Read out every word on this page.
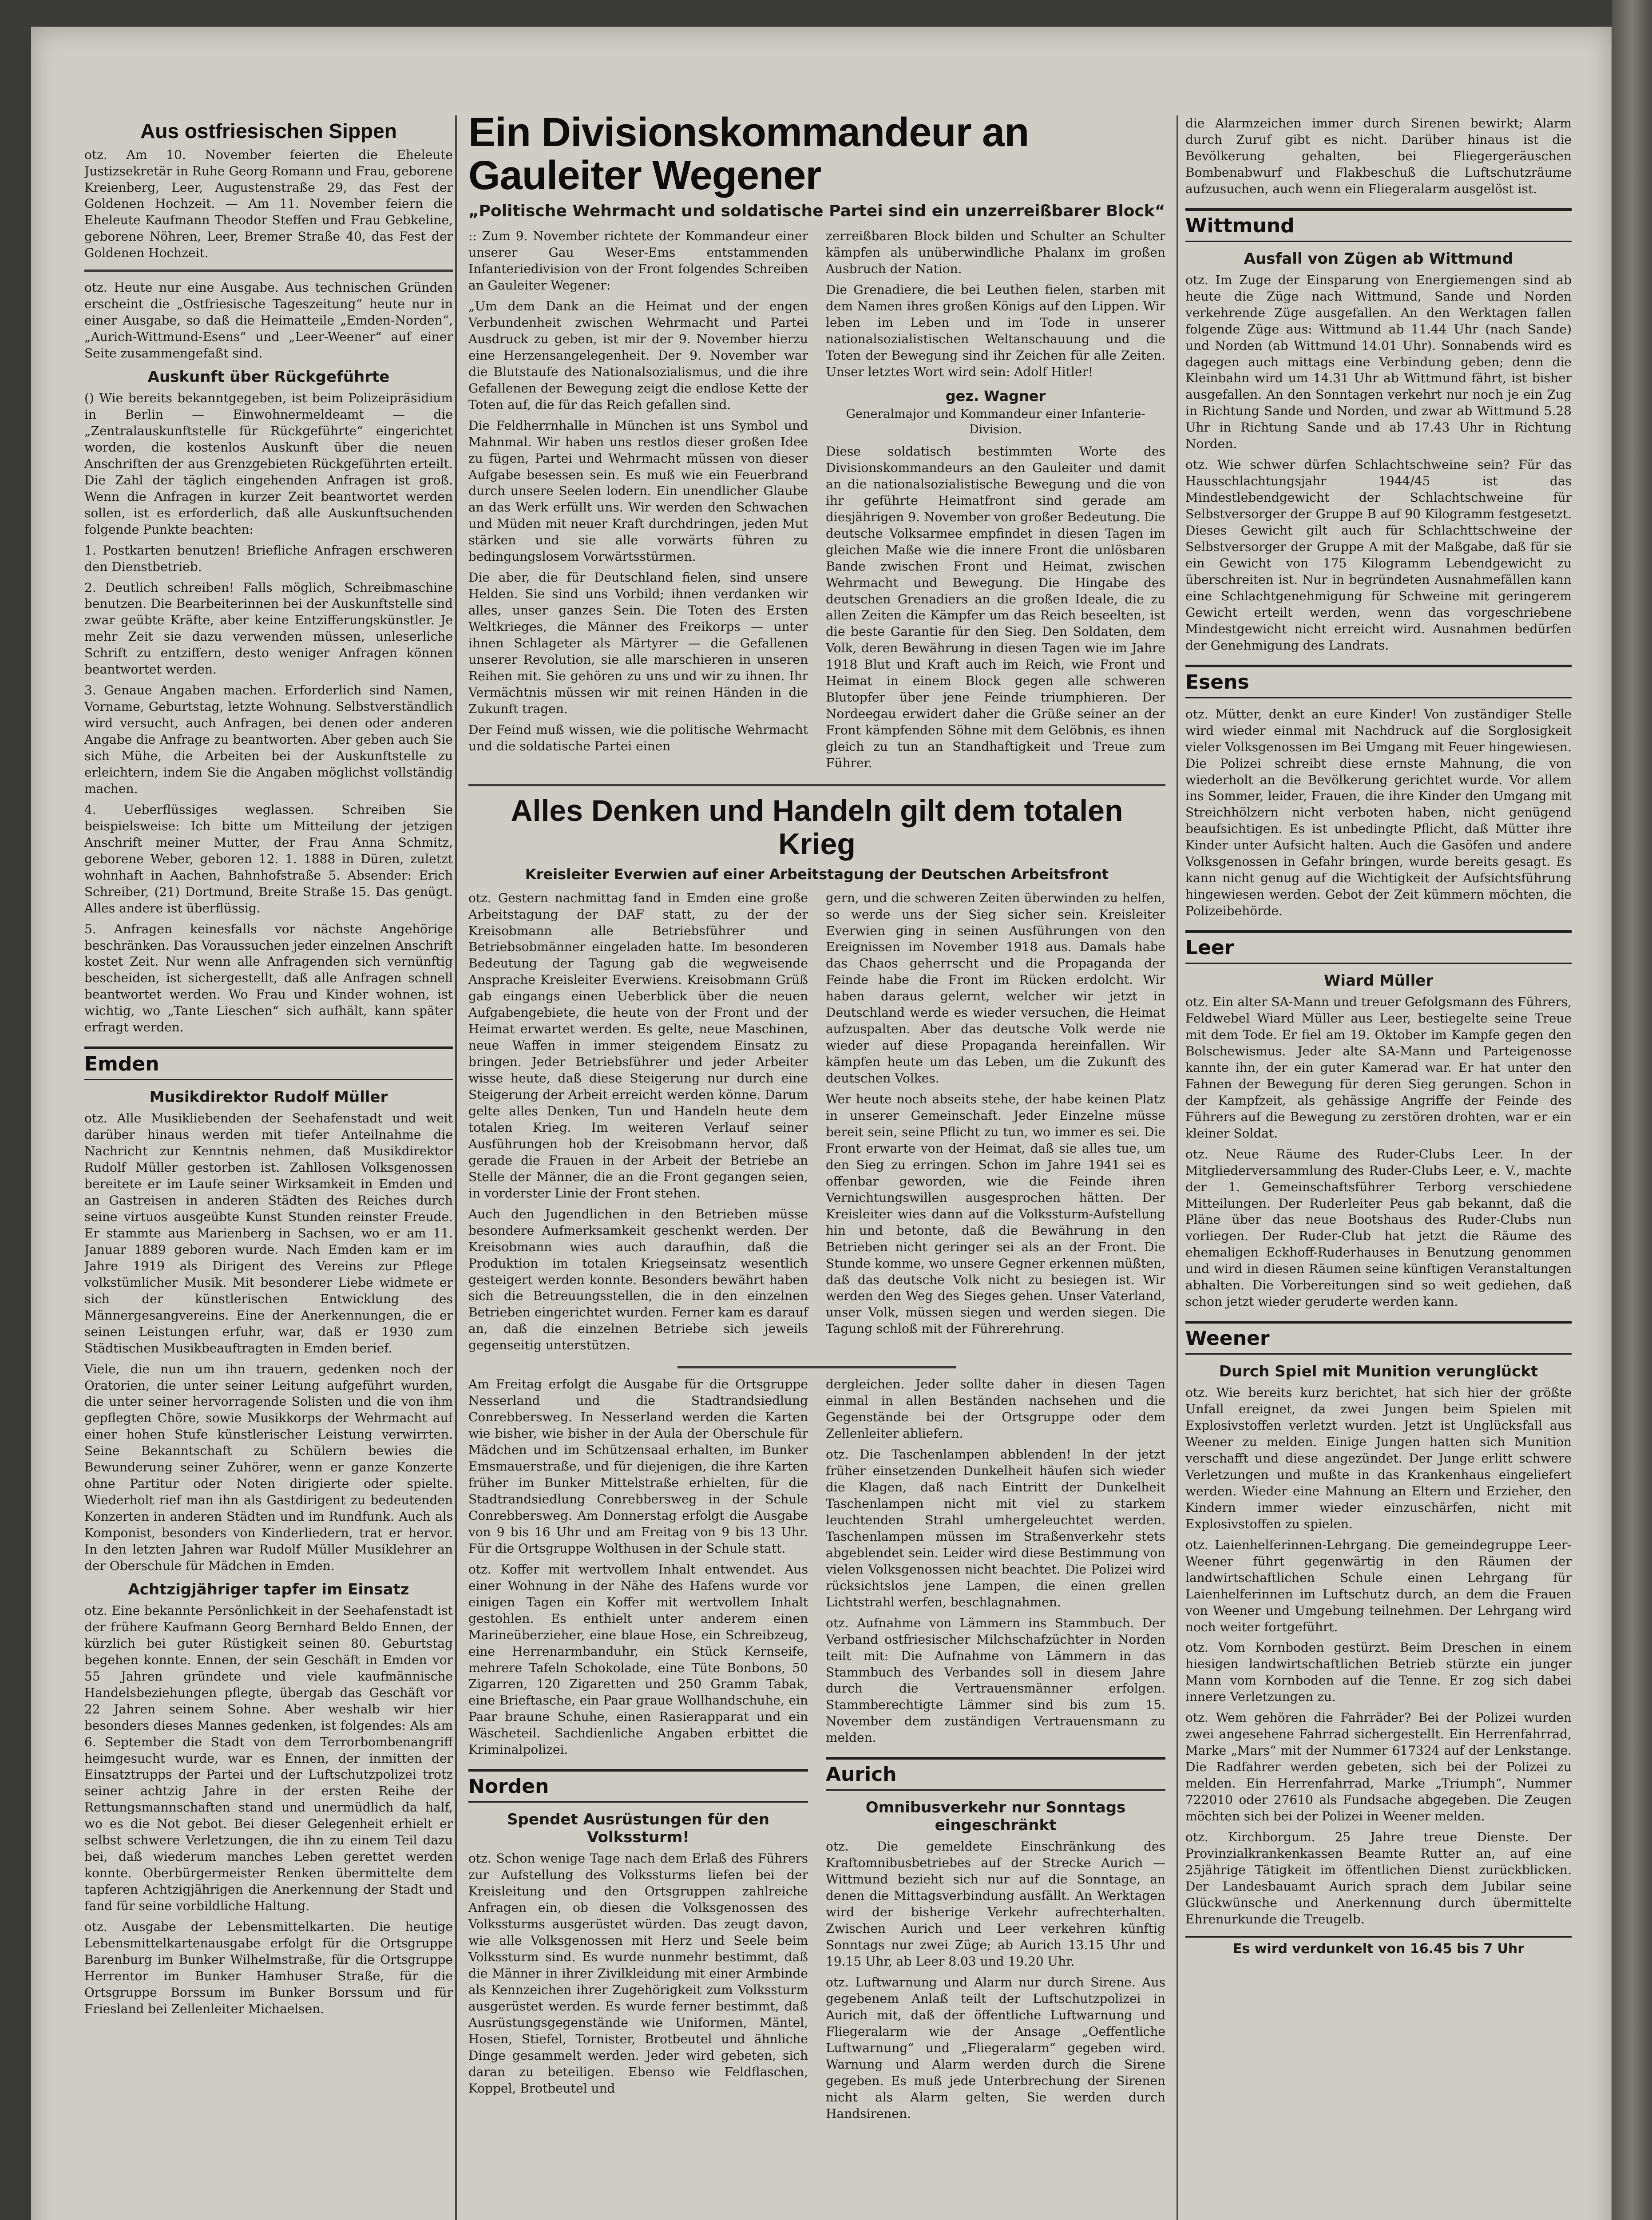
Aus ostfriesischen Sippen

otz. Am 10. November feierten die Eheleute Justizsekretär in Ruhe Georg Romann und Frau, geborene Kreienberg, Leer, Augustenstraße 29, das Fest der Goldenen Hochzeit. — Am 11. November feiern die Eheleute Kaufmann Theodor Steffen und Frau Gebkeline, geborene Nöhren, Leer, Bremer Straße 40, das Fest der Goldenen Hochzeit.

otz. Heute nur eine Ausgabe. Aus technischen Gründen erscheint die „Ostfriesische Tageszeitung“ heute nur in einer Ausgabe, so daß die Heimatteile „Emden-Norden“, „Aurich-Wittmund-Esens“ und „Leer-Weener“ auf einer Seite zusammengefaßt sind.

Auskunft über Rückgeführte

() Wie bereits bekanntgegeben, ist beim Polizeipräsidium in Berlin — Einwohnermeldeamt — die „Zentralauskunftstelle für Rückgeführte“ eingerichtet worden, die kostenlos Auskunft über die neuen Anschriften der aus Grenzgebieten Rückgeführten erteilt. Die Zahl der täglich eingehenden Anfragen ist groß. Wenn die Anfragen in kurzer Zeit beantwortet werden sollen, ist es erforderlich, daß alle Auskunftsuchenden folgende Punkte beachten:

1. Postkarten benutzen! Briefliche Anfragen erschweren den Dienstbetrieb.

2. Deutlich schreiben! Falls möglich, Schreibmaschine benutzen. Die Bearbeiterinnen bei der Auskunftstelle sind zwar geübte Kräfte, aber keine Entzifferungskünstler. Je mehr Zeit sie dazu verwenden müssen, unleserliche Schrift zu entziffern, desto weniger Anfragen können beantwortet werden.

3. Genaue Angaben machen. Erforderlich sind Namen, Vorname, Geburtstag, letzte Wohnung. Selbstverständlich wird versucht, auch Anfragen, bei denen oder anderen Angabe die Anfrage zu beantworten. Aber geben auch Sie sich Mühe, die Arbeiten bei der Auskunftstelle zu erleichtern, indem Sie die Angaben möglichst vollständig machen.

4. Ueberflüssiges weglassen. Schreiben Sie beispielsweise: Ich bitte um Mitteilung der jetzigen Anschrift meiner Mutter, der Frau Anna Schmitz, geborene Weber, geboren 12. 1. 1888 in Düren, zuletzt wohnhaft in Aachen, Bahnhofstraße 5. Absender: Erich Schreiber, (21) Dortmund, Breite Straße 15. Das genügt. Alles andere ist überflüssig.

5. Anfragen keinesfalls vor nächste Angehörige beschränken. Das Voraussuchen jeder einzelnen Anschrift kostet Zeit. Nur wenn alle Anfragenden sich vernünftig bescheiden, ist sichergestellt, daß alle Anfragen schnell beantwortet werden. Wo Frau und Kinder wohnen, ist wichtig, wo „Tante Lieschen“ sich aufhält, kann später erfragt werden.

Emden
Musikdirektor Rudolf Müller

otz. Alle Musikliebenden der Seehafenstadt und weit darüber hinaus werden mit tiefer Anteilnahme die Nachricht zur Kenntnis nehmen, daß Musikdirektor Rudolf Müller gestorben ist. Zahllosen Volksgenossen bereitete er im Laufe seiner Wirksamkeit in Emden und an Gastreisen in anderen Städten des Reiches durch seine virtuos ausgeübte Kunst Stunden reinster Freude. Er stammte aus Marienberg in Sachsen, wo er am 11. Januar 1889 geboren wurde. Nach Emden kam er im Jahre 1919 als Dirigent des Vereins zur Pflege volkstümlicher Musik. Mit besonderer Liebe widmete er sich der künstlerischen Entwicklung des Männergesangvereins. Eine der Anerkennungen, die er seinen Leistungen erfuhr, war, daß er 1930 zum Städtischen Musikbeauftragten in Emden berief.

Viele, die nun um ihn trauern, gedenken noch der Oratorien, die unter seiner Leitung aufgeführt wurden, die unter seiner hervorragende Solisten und die von ihm gepflegten Chöre, sowie Musikkorps der Wehrmacht auf einer hohen Stufe künstlerischer Leistung verwirrten. Seine Bekanntschaft zu Schülern bewies die Bewunderung seiner Zuhörer, wenn er ganze Konzerte ohne Partitur oder Noten dirigierte oder spielte. Wiederholt rief man ihn als Gastdirigent zu bedeutenden Konzerten in anderen Städten und im Rundfunk. Auch als Komponist, besonders von Kinderliedern, trat er hervor. In den letzten Jahren war Rudolf Müller Musiklehrer an der Oberschule für Mädchen in Emden.

Achtzigjähriger tapfer im Einsatz

otz. Eine bekannte Persönlichkeit in der Seehafenstadt ist der frühere Kaufmann Georg Bernhard Beldo Ennen, der kürzlich bei guter Rüstigkeit seinen 80. Geburtstag begehen konnte. Ennen, der sein Geschäft in Emden vor 55 Jahren gründete und viele kaufmännische Handelsbeziehungen pflegte, übergab das Geschäft vor 22 Jahren seinem Sohne. Aber weshalb wir hier besonders dieses Mannes gedenken, ist folgendes: Als am 6. September die Stadt von dem Terrorbombenangriff heimgesucht wurde, war es Ennen, der inmitten der Einsatztrupps der Partei und der Luftschutzpolizei trotz seiner achtzig Jahre in der ersten Reihe der Rettungsmannschaften stand und unermüdlich da half, wo es die Not gebot. Bei dieser Gelegenheit erhielt er selbst schwere Verletzungen, die ihn zu einem Teil dazu bei, daß wiederum manches Leben gerettet werden konnte. Oberbürgermeister Renken übermittelte dem tapferen Achtzigjährigen die Anerkennung der Stadt und fand für seine vorbildliche Haltung.

otz. Ausgabe der Lebensmittelkarten. Die heutige Lebensmittelkartenausgabe erfolgt für die Ortsgruppe Barenburg im Bunker Wilhelmstraße, für die Ortsgruppe Herrentor im Bunker Hamhuser Straße, für die Ortsgruppe Borssum im Bunker Borssum und für Friesland bei Zellenleiter Michaelsen.

Ein Divisionskommandeur an Gauleiter Wegener
„Politische Wehrmacht und soldatische Partei sind ein unzerreißbarer Block“

:: Zum 9. November richtete der Kommandeur einer unserer Gau Weser-Ems entstammenden Infanteriedivision von der Front folgendes Schreiben an Gauleiter Wegener:

„Um dem Dank an die Heimat und der engen Verbundenheit zwischen Wehrmacht und Partei Ausdruck zu geben, ist mir der 9. November hierzu eine Herzensangelegenheit. Der 9. November war die Blutstaufe des Nationalsozialismus, und die ihre Gefallenen der Bewegung zeigt die endlose Kette der Toten auf, die für das Reich gefallen sind.

Die Feldherrnhalle in München ist uns Symbol und Mahnmal. Wir haben uns restlos dieser großen Idee zu fügen, Partei und Wehrmacht müssen von dieser Aufgabe besessen sein. Es muß wie ein Feuerbrand durch unsere Seelen lodern. Ein unendlicher Glaube an das Werk erfüllt uns. Wir werden den Schwachen und Müden mit neuer Kraft durchdringen, jeden Mut stärken und sie alle vorwärts führen zu bedingungslosem Vorwärtsstürmen.

Die aber, die für Deutschland fielen, sind unsere Helden. Sie sind uns Vorbild; ihnen verdanken wir alles, unser ganzes Sein. Die Toten des Ersten Weltkrieges, die Männer des Freikorps — unter ihnen Schlageter als Märtyrer — die Gefallenen unserer Revolution, sie alle marschieren in unseren Reihen mit. Sie gehören zu uns und wir zu ihnen. Ihr Vermächtnis müssen wir mit reinen Händen in die Zukunft tragen.

Der Feind muß wissen, wie die politische Wehrmacht und die soldatische Partei einen

zerreißbaren Block bilden und Schulter an Schulter kämpfen als unüberwindliche Phalanx im großen Ausbruch der Nation.

Die Grenadiere, die bei Leuthen fielen, starben mit dem Namen ihres großen Königs auf den Lippen. Wir leben im Leben und im Tode in unserer nationalsozialistischen Weltanschauung und die Toten der Bewegung sind ihr Zeichen für alle Zeiten. Unser letztes Wort wird sein: Adolf Hitler!

gez. Wagner
Generalmajor und Kommandeur einer Infanterie-Division.

Diese soldatisch bestimmten Worte des Divisionskommandeurs an den Gauleiter und damit an die nationalsozialistische Bewegung und die von ihr geführte Heimatfront sind gerade am diesjährigen 9. November von großer Bedeutung. Die deutsche Volksarmee empfindet in diesen Tagen im gleichen Maße wie die innere Front die unlösbaren Bande zwischen Front und Heimat, zwischen Wehrmacht und Bewegung. Die Hingabe des deutschen Grenadiers an die großen Ideale, die zu allen Zeiten die Kämpfer um das Reich beseelten, ist die beste Garantie für den Sieg. Den Soldaten, dem Volk, deren Bewährung in diesen Tagen wie im Jahre 1918 Blut und Kraft auch im Reich, wie Front und Heimat in einem Block gegen alle schweren Blutopfer über jene Feinde triumphieren. Der Nordeegau erwidert daher die Grüße seiner an der Front kämpfenden Söhne mit dem Gelöbnis, es ihnen gleich zu tun an Standhaftigkeit und Treue zum Führer.

Alles Denken und Handeln gilt dem totalen Krieg
Kreisleiter Everwien auf einer Arbeitstagung der Deutschen Arbeitsfront

otz. Gestern nachmittag fand in Emden eine große Arbeitstagung der DAF statt, zu der der Kreisobmann alle Betriebsführer und Betriebsobmänner eingeladen hatte. Im besonderen Bedeutung der Tagung gab die wegweisende Ansprache Kreisleiter Everwiens. Kreisobmann Grüß gab eingangs einen Ueberblick über die neuen Aufgabengebiete, die heute von der Front und der Heimat erwartet werden. Es gelte, neue Maschinen, neue Waffen in immer steigendem Einsatz zu bringen. Jeder Betriebsführer und jeder Arbeiter wisse heute, daß diese Steigerung nur durch eine Steigerung der Arbeit erreicht werden könne. Darum gelte alles Denken, Tun und Handeln heute dem totalen Krieg. Im weiteren Verlauf seiner Ausführungen hob der Kreisobmann hervor, daß gerade die Frauen in der Arbeit der Betriebe an Stelle der Männer, die an die Front gegangen seien, in vorderster Linie der Front stehen.

Auch den Jugendlichen in den Betrieben müsse besondere Aufmerksamkeit geschenkt werden. Der Kreisobmann wies auch daraufhin, daß die Produktion im totalen Kriegseinsatz wesentlich gesteigert werden konnte. Besonders bewährt haben sich die Betreuungsstellen, die in den einzelnen Betrieben eingerichtet wurden. Ferner kam es darauf an, daß die einzelnen Betriebe sich jeweils gegenseitig unterstützen.

gern, und die schweren Zeiten überwinden zu helfen, so werde uns der Sieg sicher sein. Kreisleiter Everwien ging in seinen Ausführungen von den Ereignissen im November 1918 aus. Damals habe das Chaos geherrscht und die Propaganda der Feinde habe die Front im Rücken erdolcht. Wir haben daraus gelernt, welcher wir jetzt in Deutschland werde es wieder versuchen, die Heimat aufzuspalten. Aber das deutsche Volk werde nie wieder auf diese Propaganda hereinfallen. Wir kämpfen heute um das Leben, um die Zukunft des deutschen Volkes.

Wer heute noch abseits stehe, der habe keinen Platz in unserer Gemeinschaft. Jeder Einzelne müsse bereit sein, seine Pflicht zu tun, wo immer es sei. Die Front erwarte von der Heimat, daß sie alles tue, um den Sieg zu erringen. Schon im Jahre 1941 sei es offenbar geworden, wie die Feinde ihren Vernichtungswillen ausgesprochen hätten. Der Kreisleiter wies dann auf die Volkssturm-Aufstellung hin und betonte, daß die Bewährung in den Betrieben nicht geringer sei als an der Front. Die Stunde komme, wo unsere Gegner erkennen müßten, daß das deutsche Volk nicht zu besiegen ist. Wir werden den Weg des Sieges gehen. Unser Vaterland, unser Volk, müssen siegen und werden siegen. Die Tagung schloß mit der Führerehrung.

Am Freitag erfolgt die Ausgabe für die Ortsgruppe Nesserland und die Stadtrandsiedlung Conrebbersweg. In Nesserland werden die Karten wie bisher, wie bisher in der Aula der Oberschule für Mädchen und im Schützensaal erhalten, im Bunker Emsmauerstraße, und für diejenigen, die ihre Karten früher im Bunker Mittelstraße erhielten, für die Stadtrandsiedlung Conrebbersweg in der Schule Conrebbersweg. Am Donnerstag erfolgt die Ausgabe von 9 bis 16 Uhr und am Freitag von 9 bis 13 Uhr. Für die Ortsgruppe Wolthusen in der Schule statt.

otz. Koffer mit wertvollem Inhalt entwendet. Aus einer Wohnung in der Nähe des Hafens wurde vor einigen Tagen ein Koffer mit wertvollem Inhalt gestohlen. Es enthielt unter anderem einen Marineüberzieher, eine blaue Hose, ein Schreibzeug, eine Herrenarmbanduhr, ein Stück Kernseife, mehrere Tafeln Schokolade, eine Tüte Bonbons, 50 Zigarren, 120 Zigaretten und 250 Gramm Tabak, eine Brieftasche, ein Paar graue Wollhandschuhe, ein Paar braune Schuhe, einen Rasierapparat und ein Wäscheteil. Sachdienliche Angaben erbittet die Kriminalpolizei.

Norden
Spendet Ausrüstungen für den Volkssturm!

otz. Schon wenige Tage nach dem Erlaß des Führers zur Aufstellung des Volkssturms liefen bei der Kreisleitung und den Ortsgruppen zahlreiche Anfragen ein, ob diesen die Volksgenossen des Volkssturms ausgerüstet würden. Das zeugt davon, wie alle Volksgenossen mit Herz und Seele beim Volkssturm sind. Es wurde nunmehr bestimmt, daß die Männer in ihrer Zivilkleidung mit einer Armbinde als Kennzeichen ihrer Zugehörigkeit zum Volkssturm ausgerüstet werden. Es wurde ferner bestimmt, daß Ausrüstungsgegenstände wie Uniformen, Mäntel, Hosen, Stiefel, Tornister, Brotbeutel und ähnliche Dinge gesammelt werden. Jeder wird gebeten, sich daran zu beteiligen. Ebenso wie Feldflaschen, Koppel, Brotbeutel und

dergleichen. Jeder sollte daher in diesen Tagen einmal in allen Beständen nachsehen und die Gegenstände bei der Ortsgruppe oder dem Zellenleiter abliefern.

otz. Die Taschenlampen abblenden! In der jetzt früher einsetzenden Dunkelheit häufen sich wieder die Klagen, daß nach Eintritt der Dunkelheit Taschenlampen nicht mit viel zu starkem leuchtenden Strahl umhergeleuchtet werden. Taschenlampen müssen im Straßenverkehr stets abgeblendet sein. Leider wird diese Bestimmung von vielen Volksgenossen nicht beachtet. Die Polizei wird rücksichtslos jene Lampen, die einen grellen Lichtstrahl werfen, beschlagnahmen.

otz. Aufnahme von Lämmern ins Stammbuch. Der Verband ostfriesischer Milchschafzüchter in Norden teilt mit: Die Aufnahme von Lämmern in das Stammbuch des Verbandes soll in diesem Jahre durch die Vertrauensmänner erfolgen. Stammberechtigte Lämmer sind bis zum 15. November dem zuständigen Vertrauensmann zu melden.

Aurich
Omnibusverkehr nur Sonntags eingeschränkt

otz. Die gemeldete Einschränkung des Kraftomnibusbetriebes auf der Strecke Aurich — Wittmund bezieht sich nur auf die Sonntage, an denen die Mittagsverbindung ausfällt. An Werktagen wird der bisherige Verkehr aufrechterhalten. Zwischen Aurich und Leer verkehren künftig Sonntags nur zwei Züge; ab Aurich 13.15 Uhr und 19.15 Uhr, ab Leer 8.03 und 19.20 Uhr.

otz. Luftwarnung und Alarm nur durch Sirene. Aus gegebenem Anlaß teilt der Luftschutzpolizei in Aurich mit, daß der öffentliche Luftwarnung und Fliegeralarm wie der Ansage „Oeffentliche Luftwarnung“ und „Fliegeralarm“ gegeben wird. Warnung und Alarm werden durch die Sirene gegeben. Es muß jede Unterbrechung der Sirenen nicht als Alarm gelten, Sie werden durch Handsirenen.

die Alarmzeichen immer durch Sirenen bewirkt; Alarm durch Zuruf gibt es nicht. Darüber hinaus ist die Bevölkerung gehalten, bei Fliegergeräuschen Bombenabwurf und Flakbeschuß die Luftschutzräume aufzusuchen, auch wenn ein Fliegeralarm ausgelöst ist.

Wittmund
Ausfall von Zügen ab Wittmund

otz. Im Zuge der Einsparung von Energiemengen sind ab heute die Züge nach Wittmund, Sande und Norden verkehrende Züge ausgefallen. An den Werktagen fallen folgende Züge aus: Wittmund ab 11.44 Uhr (nach Sande) und Norden (ab Wittmund 14.01 Uhr). Sonnabends wird es dagegen auch mittags eine Verbindung geben; denn die Kleinbahn wird um 14.31 Uhr ab Wittmund fährt, ist bisher ausgefallen. An den Sonntagen verkehrt nur noch je ein Zug in Richtung Sande und Norden, und zwar ab Wittmund 5.28 Uhr in Richtung Sande und ab 17.43 Uhr in Richtung Norden.

otz. Wie schwer dürfen Schlachtschweine sein? Für das Hausschlachtungsjahr 1944/45 ist das Mindestlebendgewicht der Schlachtschweine für Selbstversorger der Gruppe B auf 90 Kilogramm festgesetzt. Dieses Gewicht gilt auch für Schlachttschweine der Selbstversorger der Gruppe A mit der Maßgabe, daß für sie ein Gewicht von 175 Kilogramm Lebendgewicht zu überschreiten ist. Nur in begründeten Ausnahmefällen kann eine Schlachtgenehmigung für Schweine mit geringerem Gewicht erteilt werden, wenn das vorgeschriebene Mindestgewicht nicht erreicht wird. Ausnahmen bedürfen der Genehmigung des Landrats.

Esens

otz. Mütter, denkt an eure Kinder! Von zuständiger Stelle wird wieder einmal mit Nachdruck auf die Sorglosigkeit vieler Volksgenossen im Bei Umgang mit Feuer hingewiesen. Die Polizei schreibt diese ernste Mahnung, die von wiederholt an die Bevölkerung gerichtet wurde. Vor allem ins Sommer, leider, Frauen, die ihre Kinder den Umgang mit Streichhölzern nicht verboten haben, nicht genügend beaufsichtigen. Es ist unbedingte Pflicht, daß Mütter ihre Kinder unter Aufsicht halten. Auch die Gasöfen und andere Volksgenossen in Gefahr bringen, wurde bereits gesagt. Es kann nicht genug auf die Wichtigkeit der Aufsichtsführung hingewiesen werden. Gebot der Zeit kümmern möchten, die Polizeibehörde.

Leer
Wiard Müller

otz. Ein alter SA-Mann und treuer Gefolgsmann des Führers, Feldwebel Wiard Müller aus Leer, bestiegelte seine Treue mit dem Tode. Er fiel am 19. Oktober im Kampfe gegen den Bolschewismus. Jeder alte SA-Mann und Parteigenosse kannte ihn, der ein guter Kamerad war. Er hat unter den Fahnen der Bewegung für deren Sieg gerungen. Schon in der Kampfzeit, als gehässige Angriffe der Feinde des Führers auf die Bewegung zu zerstören drohten, war er ein kleiner Soldat.

otz. Neue Räume des Ruder-Clubs Leer. In der Mitgliederversammlung des Ruder-Clubs Leer, e. V., machte der 1. Gemeinschaftsführer Terborg verschiedene Mitteilungen. Der Ruderleiter Peus gab bekannt, daß die Pläne über das neue Bootshaus des Ruder-Clubs nun vorliegen. Der Ruder-Club hat jetzt die Räume des ehemaligen Eckhoff-Ruderhauses in Benutzung genommen und wird in diesen Räumen seine künftigen Veranstaltungen abhalten. Die Vorbereitungen sind so weit gediehen, daß schon jetzt wieder geruderte werden kann.

Weener
Durch Spiel mit Munition verunglückt

otz. Wie bereits kurz berichtet, hat sich hier der größte Unfall ereignet, da zwei Jungen beim Spielen mit Explosivstoffen verletzt wurden. Jetzt ist Unglücksfall aus Weener zu melden. Einige Jungen hatten sich Munition verschafft und diese angezündet. Der Junge erlitt schwere Verletzungen und mußte in das Krankenhaus eingeliefert werden. Wieder eine Mahnung an Eltern und Erzieher, den Kindern immer wieder einzuschärfen, nicht mit Explosivstoffen zu spielen.

otz. Laienhelferinnen-Lehrgang. Die gemeindegruppe Leer-Weener führt gegenwärtig in den Räumen der landwirtschaftlichen Schule einen Lehrgang für Laienhelferinnen im Luftschutz durch, an dem die Frauen von Weener und Umgebung teilnehmen. Der Lehrgang wird noch weiter fortgeführt.

otz. Vom Kornboden gestürzt. Beim Dreschen in einem hiesigen landwirtschaftlichen Betrieb stürzte ein junger Mann vom Kornboden auf die Tenne. Er zog sich dabei innere Verletzungen zu.

otz. Wem gehören die Fahrräder? Bei der Polizei wurden zwei angesehene Fahrrad sichergestellt. Ein Herrenfahrrad, Marke „Mars“ mit der Nummer 617324 auf der Lenkstange. Die Radfahrer werden gebeten, sich bei der Polizei zu melden. Ein Herrenfahrrad, Marke „Triumph“, Nummer 722010 oder 27610 als Fundsache abgegeben. Die Zeugen möchten sich bei der Polizei in Weener melden.

otz. Kirchborgum. 25 Jahre treue Dienste. Der Provinzialkrankenkassen Beamte Rutter an, auf eine 25jährige Tätigkeit im öffentlichen Dienst zurückblicken. Der Landesbauamt Aurich sprach dem Jubilar seine Glückwünsche und Anerkennung durch übermittelte Ehrenurkunde die Treugelb.

Es wird verdunkelt von 16.45 bis 7 Uhr
